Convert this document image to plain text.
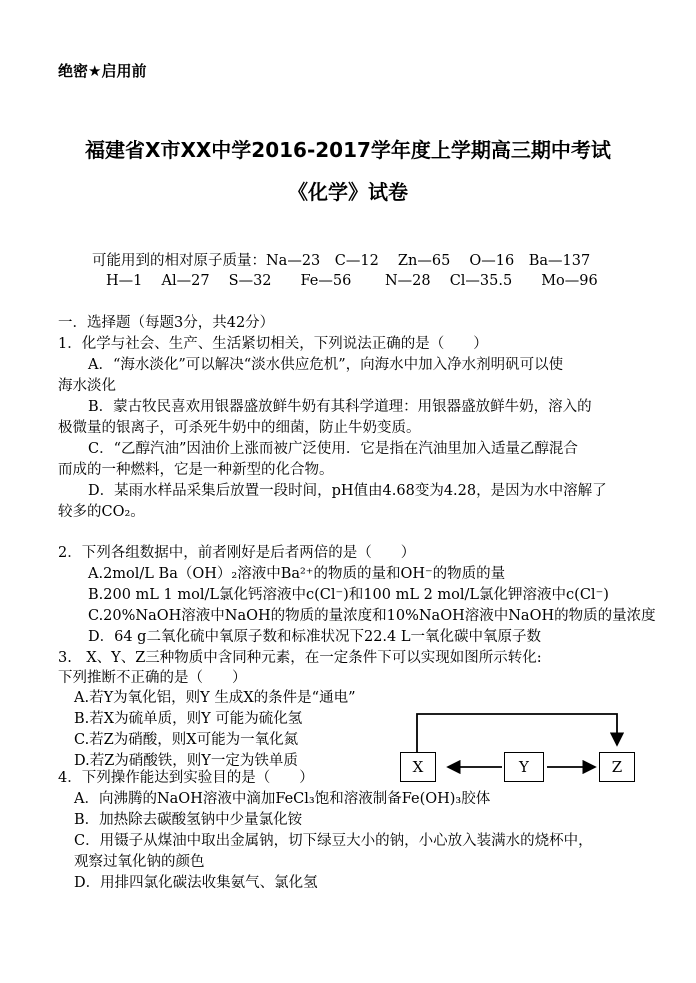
绝密★启用前
福建省X市XX中学2016-2017学年度上学期高三期中考试
《化学》试卷
可能用到的相对原子质量：Na—23　C—12　 Zn—65　 O—16　Ba—137
H—1　 Al—27　 S—32　　Fe—56　　 N—28　 Cl—35.5　　Mo—96
一．选择题（每题3分，共42分）
1．化学与社会、生产、生活紧切相关，下列说法正确的是（　　）
A．“海水淡化”可以解决“淡水供应危机”，向海水中加入净水剂明矾可以使
海水淡化
B．蒙古牧民喜欢用银器盛放鲜牛奶有其科学道理：用银器盛放鲜牛奶，溶入的
极微量的银离子，可杀死牛奶中的细菌，防止牛奶变质。
C．“乙醇汽油”因油价上涨而被广泛使用．它是指在汽油里加入适量乙醇混合
而成的一种燃料，它是一种新型的化合物。
D．某雨水样品采集后放置一段时间，pH值由4.68变为4.28，是因为水中溶解了
较多的CO₂。
2．下列各组数据中，前者刚好是后者两倍的是（　　）
A.2mol/L Ba（OH）₂溶液中Ba²⁺的物质的量和OH⁻的物质的量
B.200 mL 1 mol/L氯化钙溶液中c(Cl⁻)和100 mL 2 mol/L氯化钾溶液中c(Cl⁻)
C.20%NaOH溶液中NaOH的物质的量浓度和10%NaOH溶液中NaOH的物质的量浓度
D．64 g二氧化硫中氧原子数和标准状况下22.4 L一氧化碳中氧原子数
3.　X、Y、Z三种物质中含同种元素，在一定条件下可以实现如图所示转化:
下列推断不正确的是（　　）
A.若Y为氧化铝，则Y 生成X的条件是“通电”
B.若X为硫单质，则Y 可能为硫化氢
C.若Z为硝酸，则X可能为一氧化氮
D.若Z为硝酸铁，则Y一定为铁单质	X	Y	Z
4．下列操作能达到实验目的是（　　）
A．向沸腾的NaOH溶液中滴加FeCl₃饱和溶液制备Fe(OH)₃胶体
B．加热除去碳酸氢钠中少量氯化铵
C．用镊子从煤油中取出金属钠，切下绿豆大小的钠，小心放入装满水的烧杯中，
观察过氧化钠的颜色
D．用排四氯化碳法收集氨气、氯化氢
